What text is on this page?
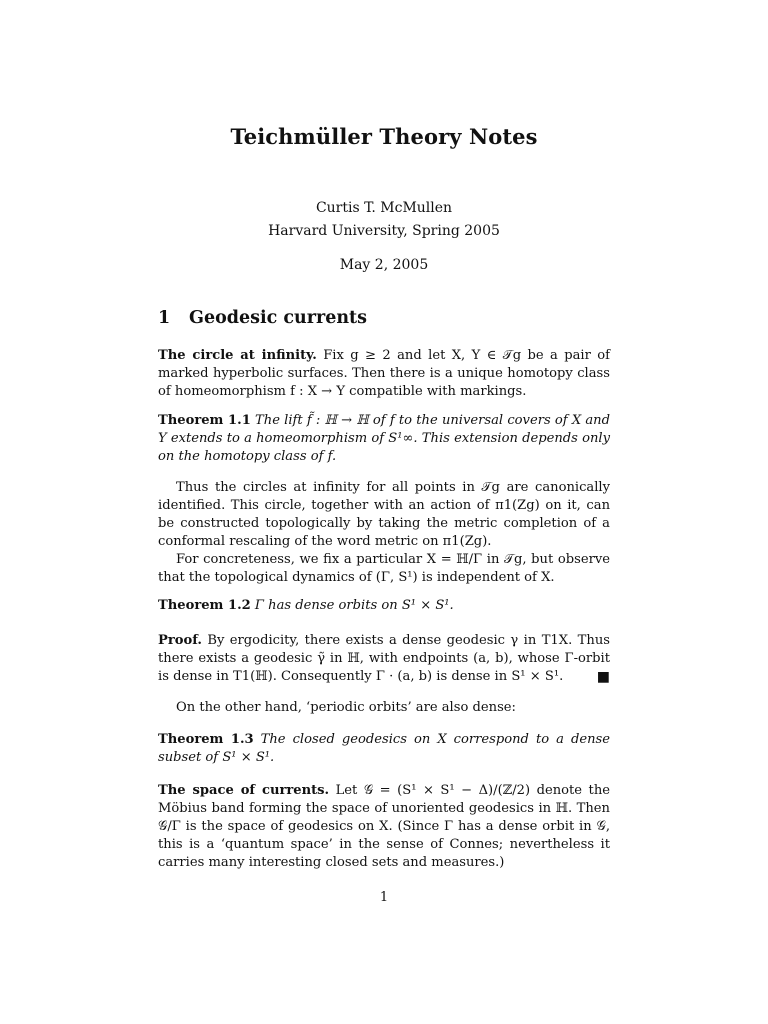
Teichmüller Theory Notes
Curtis T. McMullen
Harvard University, Spring 2005
May 2, 2005
1 Geodesic currents

The circle at infinity. Fix g ≥ 2 and let X, Y ∈ 𝒯g be a pair of marked hyperbolic surfaces. Then there is a unique homotopy class of homeomorphism f : X → Y compatible with markings.

Theorem 1.1 The lift f̃ : ℍ → ℍ of f to the universal covers of X and Y extends to a homeomorphism of S¹∞. This extension depends only on the homotopy class of f.

Thus the circles at infinity for all points in 𝒯g are canonically identified. This circle, together with an action of π1(Zg) on it, can be constructed topologically by taking the metric completion of a conformal rescaling of the word metric on π1(Zg).

For concreteness, we fix a particular X = ℍ/Γ in 𝒯g, but observe that the topological dynamics of (Γ, S¹) is independent of X.

Theorem 1.2 Γ has dense orbits on S¹ × S¹.

Proof. By ergodicity, there exists a dense geodesic γ in T1X. Thus there exists a geodesic γ̃ in ℍ, with endpoints (a, b), whose Γ-orbit is dense in T1(ℍ). Consequently Γ · (a, b) is dense in S¹ × S¹. ■

On the other hand, ‘periodic orbits’ are also dense:

Theorem 1.3 The closed geodesics on X correspond to a dense subset of S¹ × S¹.

The space of currents. Let 𝒢 = (S¹ × S¹ − Δ)/(ℤ/2) denote the Möbius band forming the space of unoriented geodesics in ℍ. Then 𝒢/Γ is the space of geodesics on X. (Since Γ has a dense orbit in 𝒢, this is a ‘quantum space’ in the sense of Connes; nevertheless it carries many interesting closed sets and measures.)

1
